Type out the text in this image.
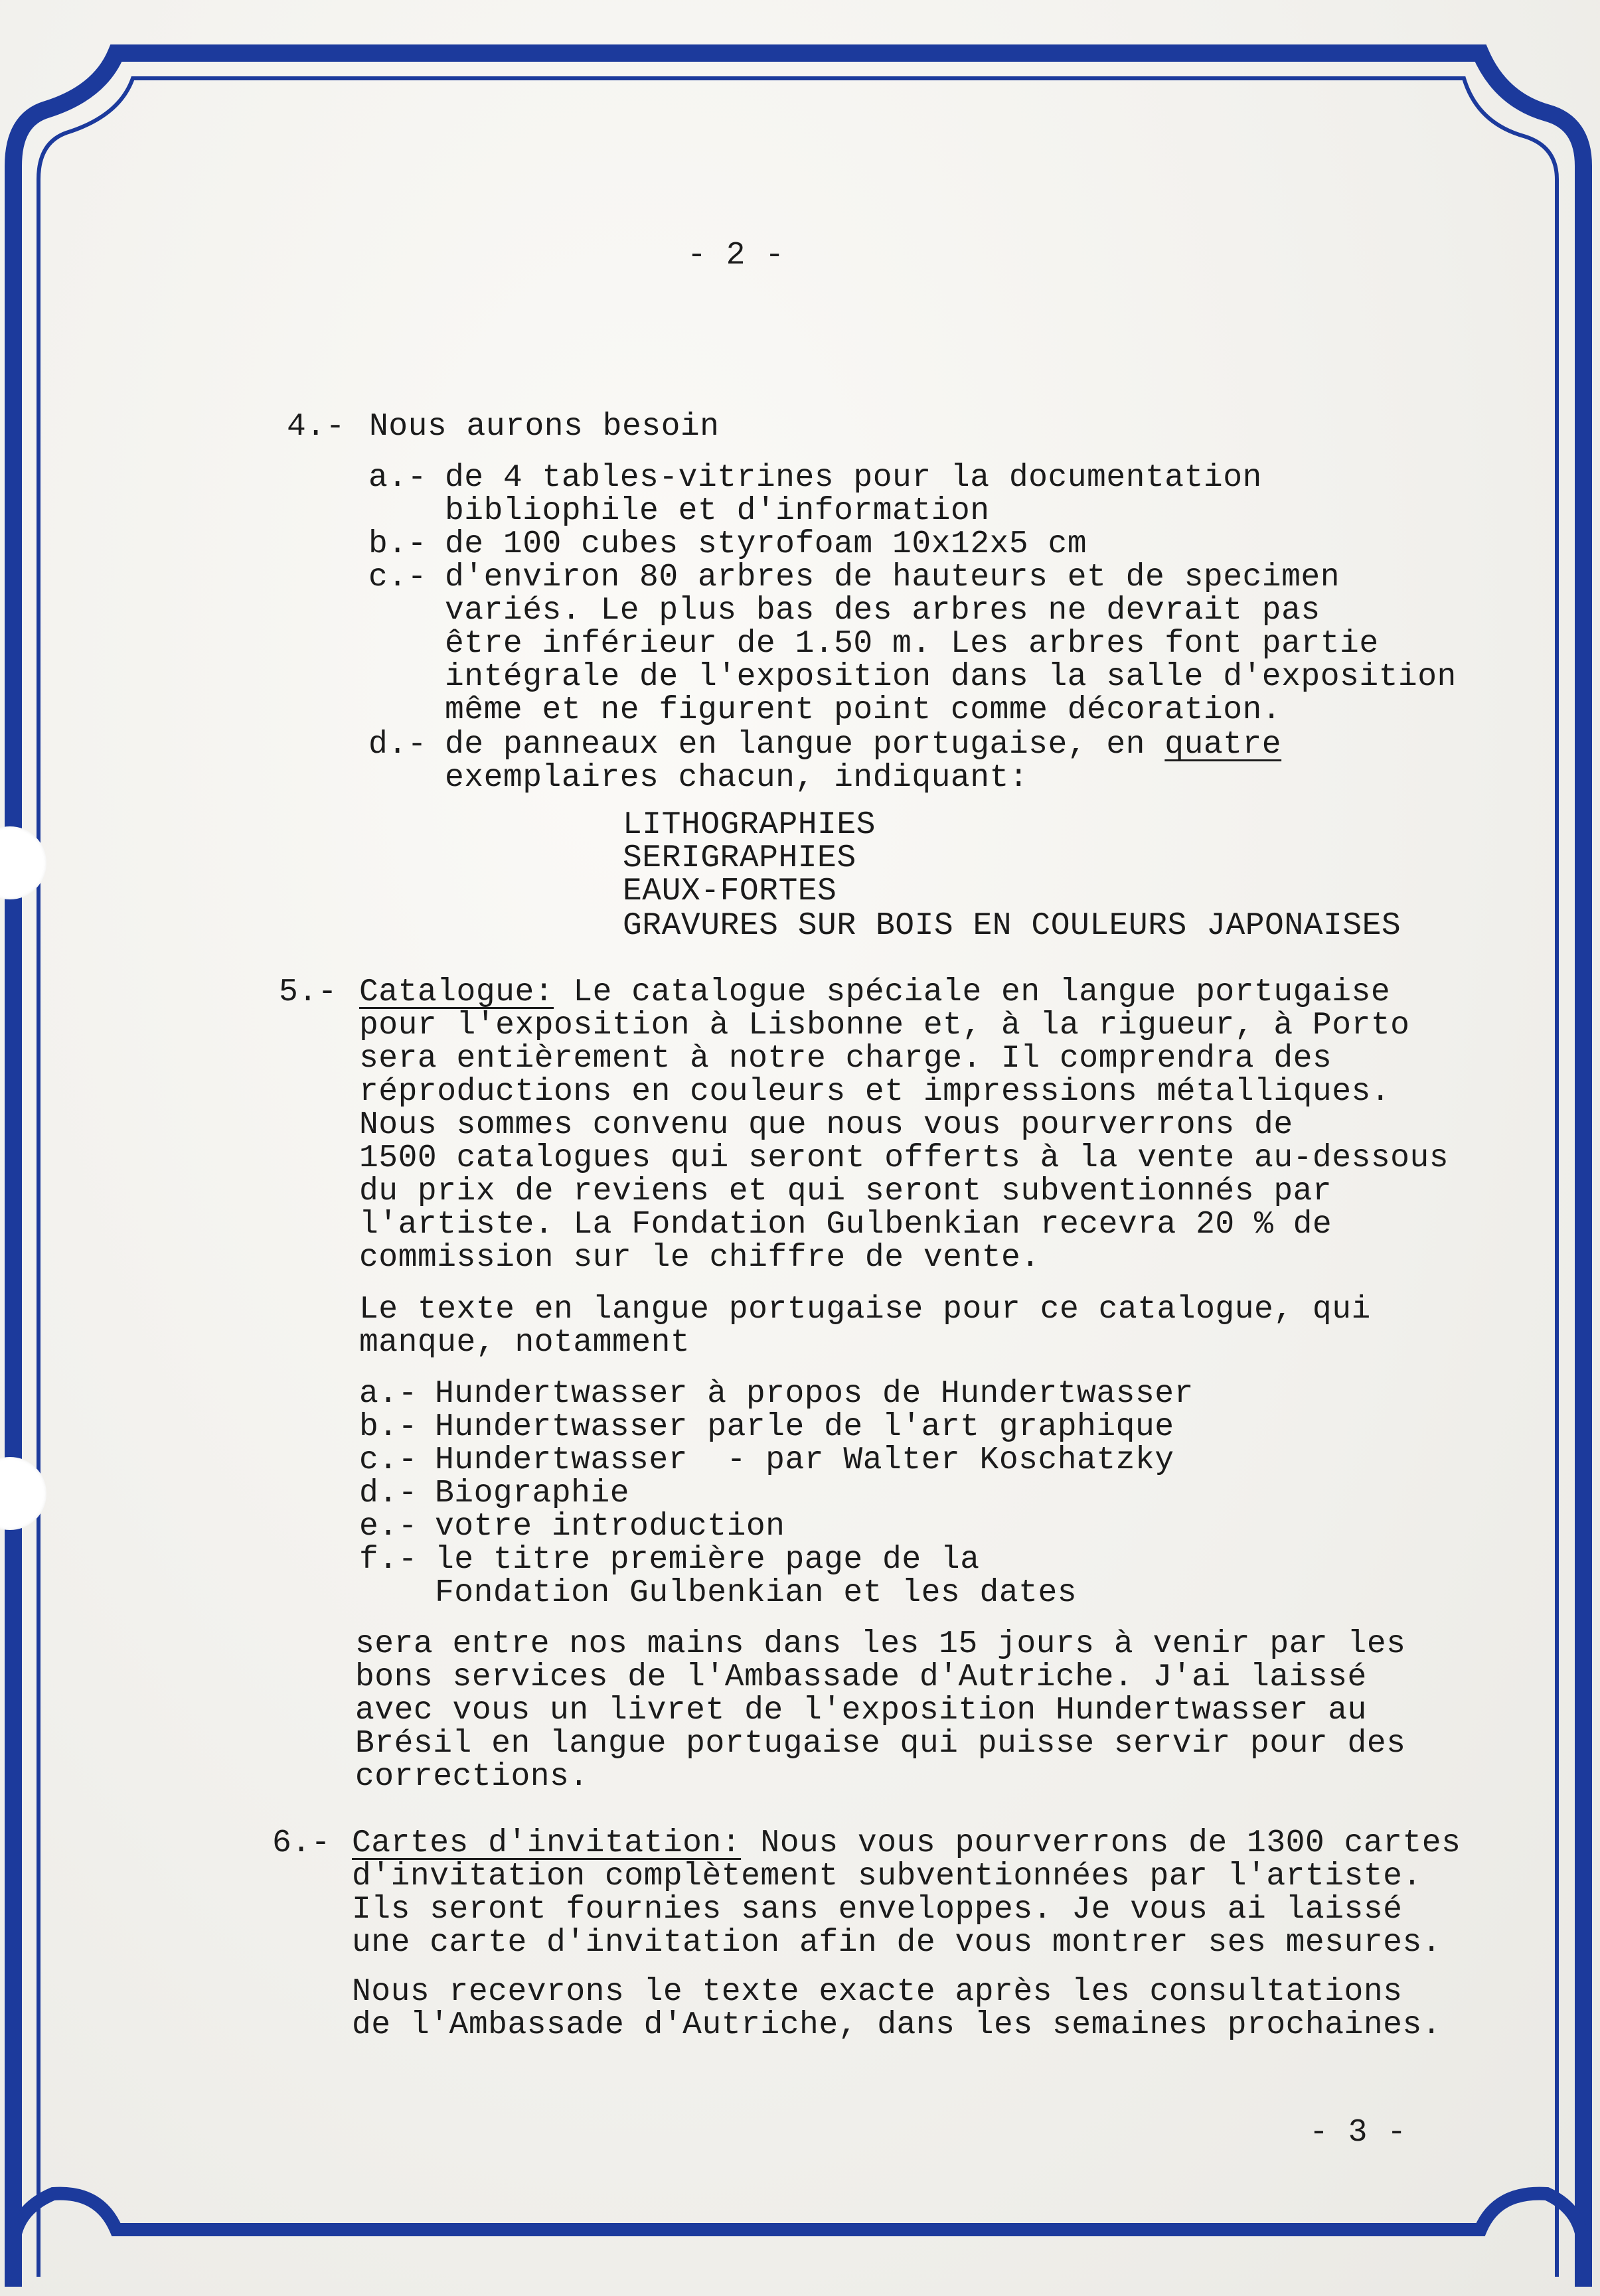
- 2 -
4.- Nous aurons besoin
a.- de 4 tables-vitrines pour la documentation
bibliophile et d'information
b.- de 100 cubes styrofoam 10x12x5 cm
c.- d'environ 80 arbres de hauteurs et de specimen
variés. Le plus bas des arbres ne devrait pas
être inférieur de 1.50 m. Les arbres font partie
intégrale de l'exposition dans la salle d'exposition
même et ne figurent point comme décoration.
d.- de panneaux en langue portugaise, en quatre
exemplaires chacun, indiquant:
LITHOGRAPHIES
SERIGRAPHIES
EAUX-FORTES
GRAVURES SUR BOIS EN COULEURS JAPONAISES
5.- Catalogue: Le catalogue spéciale en langue portugaise
pour l'exposition à Lisbonne et, à la rigueur, à Porto
sera entièrement à notre charge. Il comprendra des
réproductions en couleurs et impressions métalliques.
Nous sommes convenu que nous vous pourverrons de
1500 catalogues qui seront offerts à la vente au-dessous
du prix de reviens et qui seront subventionnés par
l'artiste. La Fondation Gulbenkian recevra 20 % de
commission sur le chiffre de vente.
Le texte en langue portugaise pour ce catalogue, qui
manque, notamment
a.- Hundertwasser à propos de Hundertwasser
b.- Hundertwasser parle de l'art graphique
c.- Hundertwasser  - par Walter Koschatzky
d.- Biographie
e.- votre introduction
f.- le titre première page de la
Fondation Gulbenkian et les dates
sera entre nos mains dans les 15 jours à venir par les
bons services de l'Ambassade d'Autriche. J'ai laissé
avec vous un livret de l'exposition Hundertwasser au
Brésil en langue portugaise qui puisse servir pour des
corrections.
6.- Cartes d'invitation: Nous vous pourverrons de 1300 cartes
d'invitation complètement subventionnées par l'artiste.
Ils seront fournies sans enveloppes. Je vous ai laissé
une carte d'invitation afin de vous montrer ses mesures.
Nous recevrons le texte exacte après les consultations
de l'Ambassade d'Autriche, dans les semaines prochaines.
- 3 -
